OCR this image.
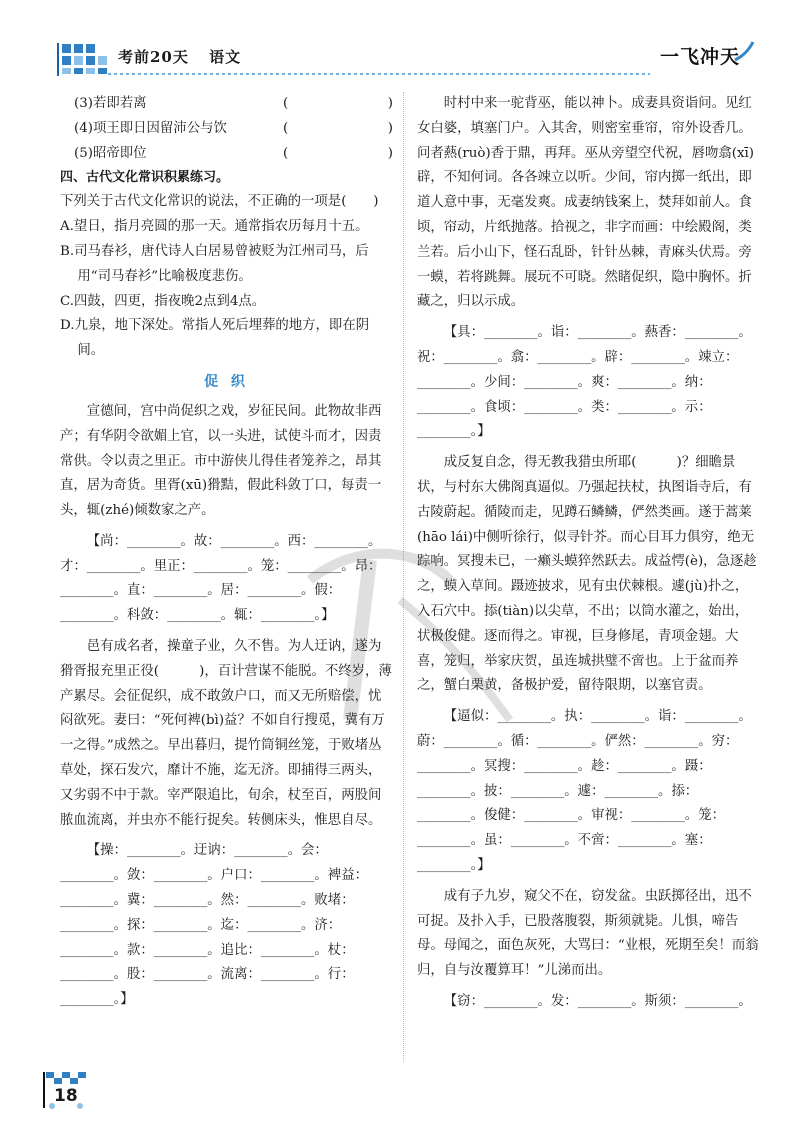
考前20天 语文	一飞冲天

(3)若即若离	(	)

(4)项王即日因留沛公与饮	(	)

(5)昭帝即位	(	)

四、古代文化常识积累练习。

下列关于古代文化常识的说法，不正确的一项是(　　)

A.望日，指月亮圆的那一天。通常指农历每月十五。

B.司马春衫，唐代诗人白居易曾被贬为江州司马，后用“司马春衫”比喻极度悲伤。

C.四鼓，四更，指夜晚2点到4点。

D.九泉，地下深处。常指人死后埋葬的地方，即在阴间。

促 织

宣德间，宫中尚促织之戏，岁征民间。此物故非西产；有华阴令欲媚上官，以一头进，试使斗而才，因责常供。令以责之里正。市中游侠儿得佳者笼养之，昂其直，居为奇货。里胥(xū)猾黠，假此科敛丁口，每责一头，辄(zhé)倾数家之产。

【尚：________。故：________。西：________。才：________。里正：________。笼：________。昂：________。直：________。居：________。假：________。科敛：________。辄：________。】

邑有成名者，操童子业，久不售。为人迂讷，遂为猾胥报充里正役(　　　)，百计营谋不能脱。不终岁，薄产累尽。会征促织，成不敢敛户口，而又无所赔偿，忧闷欲死。妻曰：“死何裨(bì)益？不如自行搜觅，冀有万一之得。”成然之。早出暮归，提竹筒铜丝笼，于败堵丛草处，探石发穴，靡计不施，迄无济。即捕得三两头，又劣弱不中于款。宰严限追比，旬余，杖至百，两股间脓血流离，并虫亦不能行捉矣。转侧床头，惟思自尽。

【操：________。迂讷：________。会：________。敛：________。户口：________。裨益：________。冀：________。然：________。败堵：________。探：________。迄：________。济：________。款：________。追比：________。杖：________。股：________。流离：________。行：________。】

时村中来一驼背巫，能以神卜。成妻具资诣问。见红女白婆，填塞门户。入其舍，则密室垂帘，帘外设香几。问者爇(ruò)香于鼎，再拜。巫从旁望空代祝，唇吻翕(xī)辟，不知何词。各各竦立以听。少间，帘内掷一纸出，即道人意中事，无毫发爽。成妻纳钱案上，焚拜如前人。食顷，帘动，片纸抛落。拾视之，非字而画：中绘殿阁，类兰若。后小山下，怪石乱卧，针针丛棘，青麻头伏焉。旁一蟆，若将跳舞。展玩不可晓。然睹促织，隐中胸怀。折藏之，归以示成。

【具：________。诣：________。爇香：________。祝：________。翕：________。辟：________。竦立：________。少间：________。爽：________。纳：________。食顷：________。类：________。示：________。】

成反复自念，得无教我猎虫所耶(　　　)？细瞻景状，与村东大佛阁真逼似。乃强起扶杖，执图诣寺后，有古陵蔚起。循陵而走，见蹲石鳞鳞，俨然类画。遂于蒿莱(hāo lái)中侧听徐行，似寻针芥。而心目耳力俱穷，绝无踪响。冥搜未已，一癞头蟆猝然跃去。成益愕(è)，急逐趁之，蟆入草间。蹑迹披求，见有虫伏棘根。遽(jù)扑之，入石穴中。掭(tiàn)以尖草，不出；以筒水灌之，始出，状极俊健。逐而得之。审视，巨身修尾，青项金翅。大喜，笼归，举家庆贺，虽连城拱璧不啻也。上于盆而养之，蟹白栗黄，备极护爱，留待限期，以塞官责。

【逼似：________。执：________。诣：________。蔚：________。循：________。俨然：________。穷：________。冥搜：________。趁：________。蹑：________。披：________。遽：________。掭：________。俊健：________。审视：________。笼：________。虽：________。不啻：________。塞：________。】

成有子九岁，窥父不在，窃发盆。虫跃掷径出，迅不可捉。及扑入手，已股落腹裂，斯须就毙。儿惧，啼告母。母闻之，面色灰死，大骂曰：“业根，死期至矣！而翁归，自与汝覆算耳！”儿涕而出。

【窃：________。发：________。斯须：________。

18
